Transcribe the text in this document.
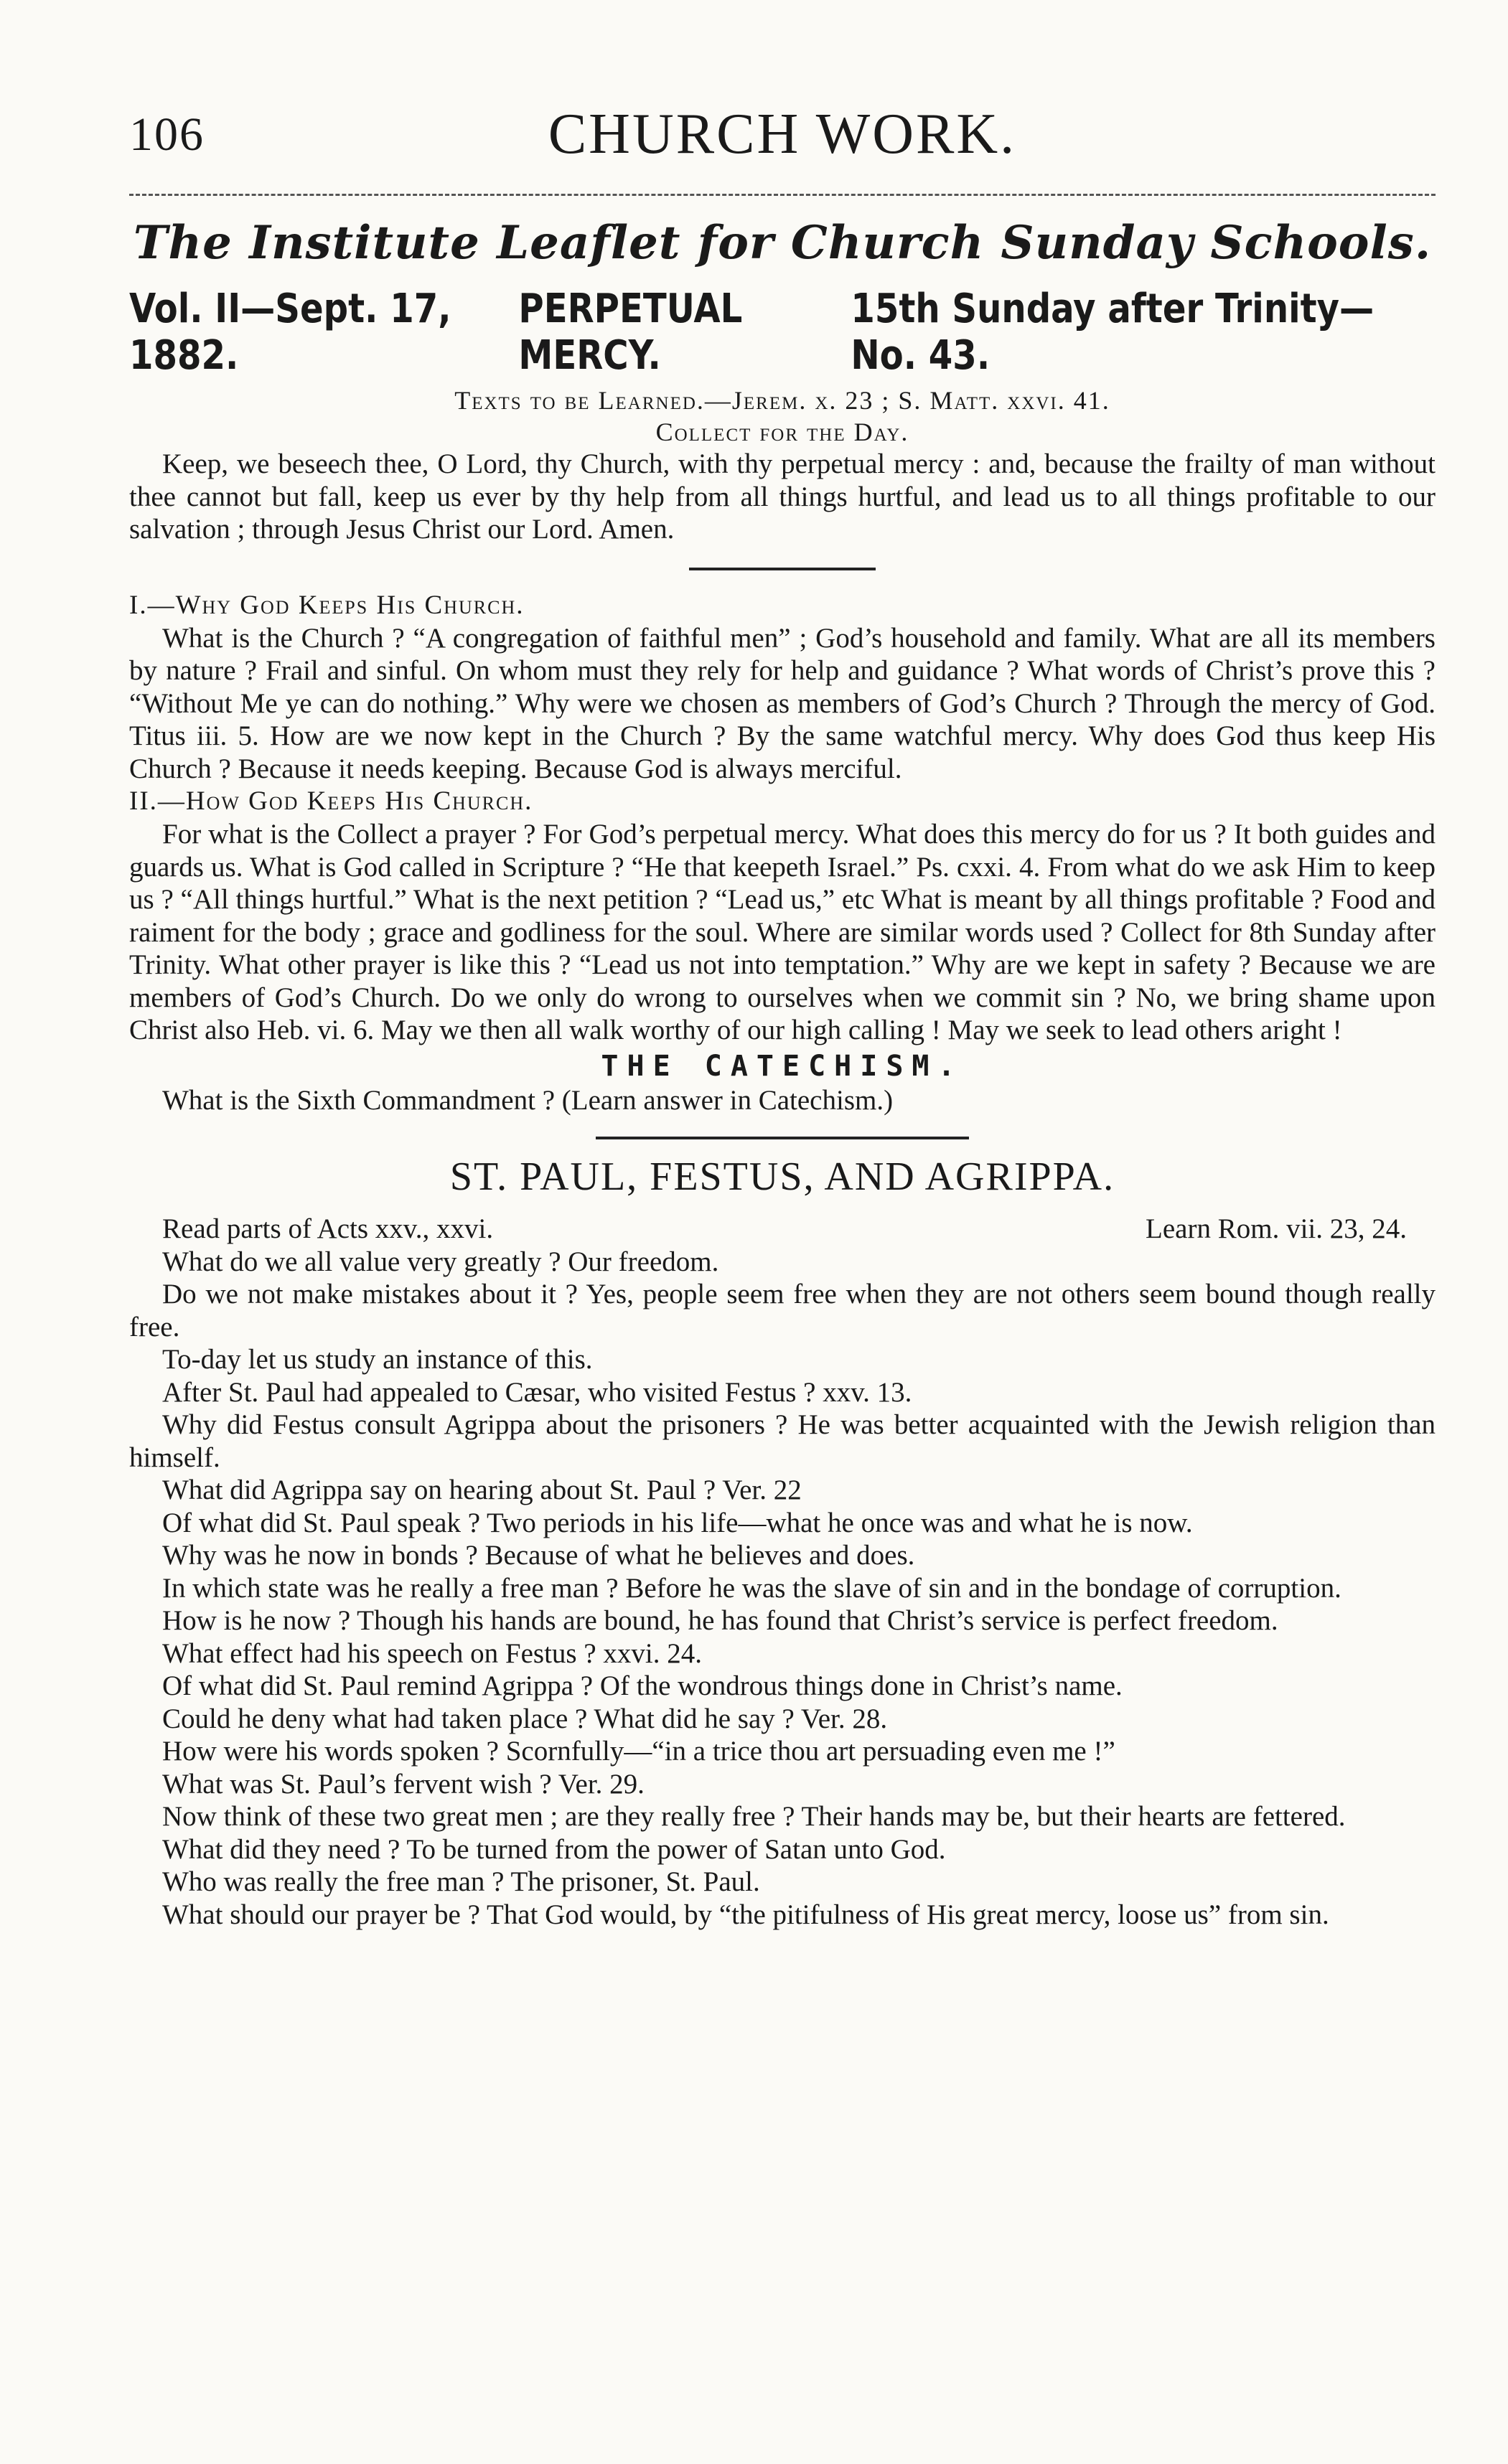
106	CHURCH WORK.
The Institute Leaflet for Church Sunday Schools.
Vol. II—Sept. 17, 1882.
PERPETUAL MERCY.
15th Sunday after Trinity—No. 43.

Texts to be Learned.—Jerem. x. 23 ; S. Matt. xxvi. 41.

Collect for the Day.

Keep, we beseech thee, O Lord, thy Church, with thy perpetual mercy : and, because the frailty of man without thee cannot but fall, keep us ever by thy help from all things hurtful, and lead us to all things profitable to our salvation ; through Jesus Christ our Lord. Amen.

I.—Why God Keeps His Church.

What is the Church ? “A congregation of faithful men” ; God’s household and family. What are all its members by nature ? Frail and sinful. On whom must they rely for help and guidance ? What words of Christ’s prove this ? “Without Me ye can do nothing.” Why were we chosen as members of God’s Church ? Through the mercy of God. Titus iii. 5. How are we now kept in the Church ? By the same watchful mercy. Why does God thus keep His Church ? Because it needs keeping. Because God is always merciful.

II.—How God Keeps His Church.

For what is the Collect a prayer ? For God’s perpetual mercy. What does this mercy do for us ? It both guides and guards us. What is God called in Scripture ? “He that keepeth Israel.” Ps. cxxi. 4. From what do we ask Him to keep us ? “All things hurtful.” What is the next petition ? “Lead us,” etc What is meant by all things profitable ? Food and raiment for the body ; grace and godliness for the soul. Where are similar words used ? Collect for 8th Sunday after Trinity. What other prayer is like this ? “Lead us not into temptation.” Why are we kept in safety ? Because we are members of God’s Church. Do we only do wrong to ourselves when we commit sin ? No, we bring shame upon Christ also Heb. vi. 6. May we then all walk worthy of our high calling ! May we seek to lead others aright !

THE CATECHISM.

What is the Sixth Commandment ? (Learn answer in Catechism.)

ST. PAUL, FESTUS, AND AGRIPPA.
Read parts of Acts xxv., xxvi.	Learn Rom. vii. 23, 24.

What do we all value very greatly ? Our freedom.

Do we not make mistakes about it ? Yes, people seem free when they are not others seem bound though really free.

To-day let us study an instance of this.

After St. Paul had appealed to Cæsar, who visited Festus ? xxv. 13.

Why did Festus consult Agrippa about the prisoners ? He was better acquainted with the Jewish religion than himself.

What did Agrippa say on hearing about St. Paul ? Ver. 22

Of what did St. Paul speak ? Two periods in his life—what he once was and what he is now.

Why was he now in bonds ? Because of what he believes and does.

In which state was he really a free man ? Before he was the slave of sin and in the bondage of corruption.

How is he now ? Though his hands are bound, he has found that Christ’s service is perfect freedom.

What effect had his speech on Festus ? xxvi. 24.

Of what did St. Paul remind Agrippa ? Of the wondrous things done in Christ’s name.

Could he deny what had taken place ? What did he say ? Ver. 28.

How were his words spoken ? Scornfully—“in a trice thou art persuading even me !”

What was St. Paul’s fervent wish ? Ver. 29.

Now think of these two great men ; are they really free ? Their hands may be, but their hearts are fettered.

What did they need ? To be turned from the power of Satan unto God.

Who was really the free man ? The prisoner, St. Paul.

What should our prayer be ? That God would, by “the pitifulness of His great mercy, loose us” from sin.
